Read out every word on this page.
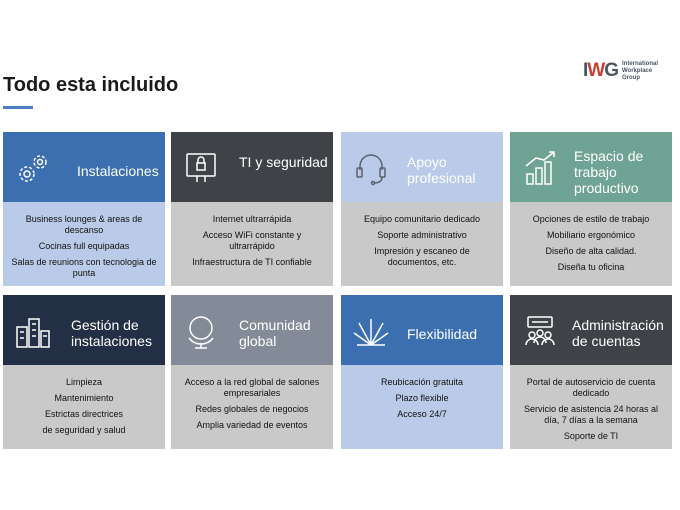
Todo esta incluido
IWG International
Workplace
Group
Instalaciones
Business lounges & areas de descanso
Cocinas full equipadas
Salas de reunions con tecnologia de punta
TI y seguridad
Internet ultrarrápida
Acceso WiFi constante y ultrarrápido
Infraestructura de TI confiable
Apoyo profesional
Equipo comunitario dedicado
Soporte administrativo
Impresión y escaneo de documentos, etc.
Espacio de trabajo productivo
Opciones de estilo de trabajo
Mobiliario ergonómico
Diseño de alta calidad.
Diseña tu oficina
Gestión de instalaciones
Limpieza
Mantenimiento
Estrictas directrices
de seguridad y salud
Comunidad global
Acceso a la red global de salones empresariales
Redes globales de negocios
Amplia variedad de eventos
Flexibilidad
Reubicación gratuita
Plazo flexible
Acceso 24/7
Administración de cuentas
Portal de autoservicio de cuenta dedicado
Servicio de asistencia 24 horas al día, 7 días a la semana
Soporte de TI
